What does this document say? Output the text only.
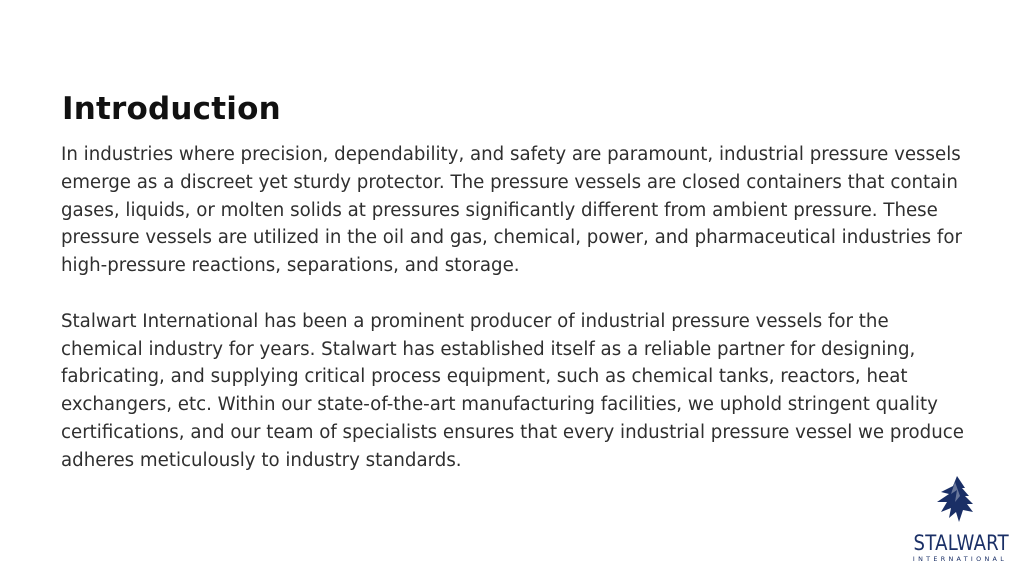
Introduction

In industries where precision, dependability, and safety are paramount, industrial pressure vessels emerge as a discreet yet sturdy protector. The pressure vessels are closed containers that contain gases, liquids, or molten solids at pressures significantly different from ambient pressure. These pressure vessels are utilized in the oil and gas, chemical, power, and pharmaceutical industries for high-pressure reactions, separations, and storage.

Stalwart International has been a prominent producer of industrial pressure vessels for the chemical industry for years. Stalwart has established itself as a reliable partner for designing, fabricating, and supplying critical process equipment, such as chemical tanks, reactors, heat exchangers, etc. Within our state-of-the-art manufacturing facilities, we uphold stringent quality certifications, and our team of specialists ensures that every industrial pressure vessel we produce adheres meticulously to industry standards.

STALWART
INTERNATIONAL
